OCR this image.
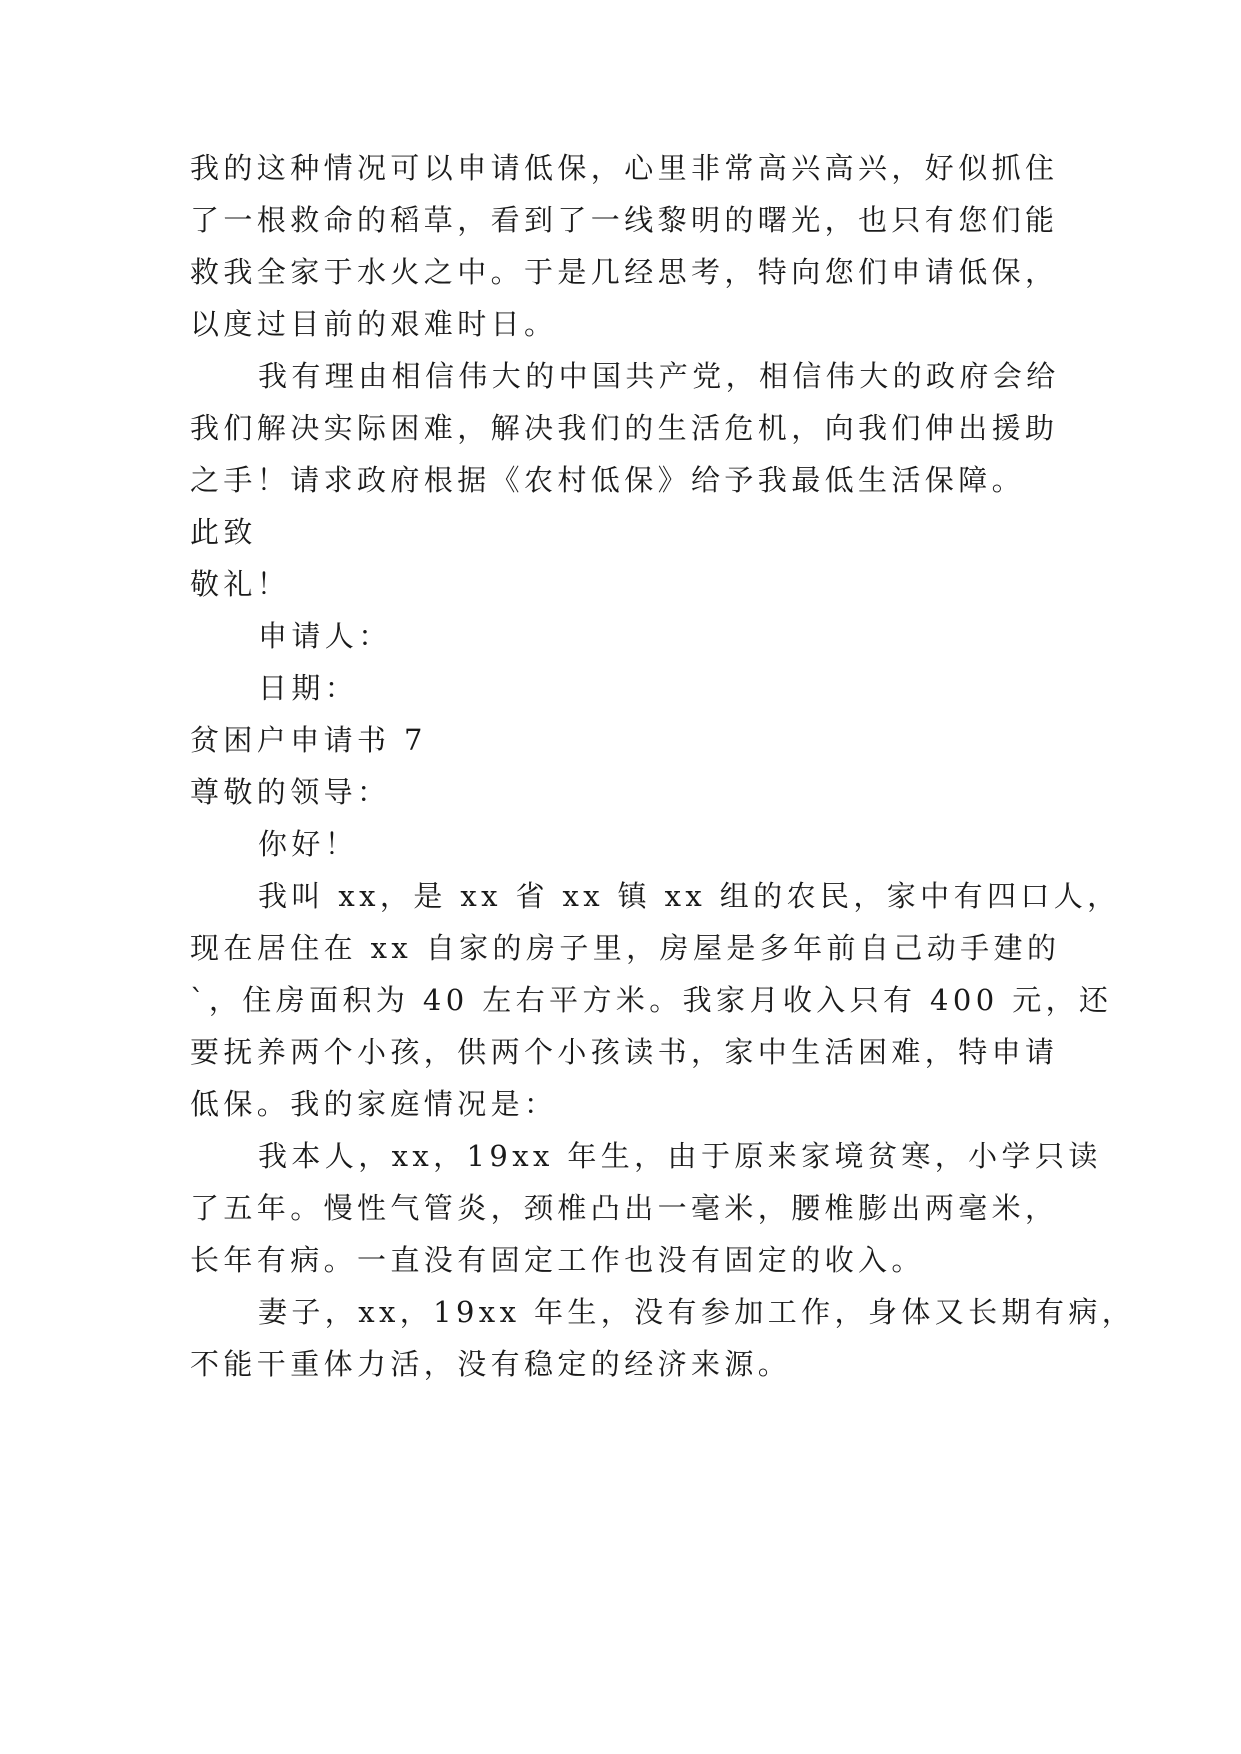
我的这种情况可以申请低保，心里非常高兴高兴，好似抓住
了一根救命的稻草，看到了一线黎明的曙光，也只有您们能
救我全家于水火之中。于是几经思考，特向您们申请低保，
以度过目前的艰难时日。
我有理由相信伟大的中国共产党，相信伟大的政府会给
我们解决实际困难，解决我们的生活危机，向我们伸出援助
之手！请求政府根据《农村低保》给予我最低生活保障。
此致
敬礼！
申请人：
日期：
贫困户申请书 7
尊敬的领导：
你好！
我叫 xx，是 xx 省 xx 镇 xx 组的农民，家中有四口人，
现在居住在 xx 自家的房子里，房屋是多年前自己动手建的
`，住房面积为 40 左右平方米。我家月收入只有 400 元，还
要抚养两个小孩，供两个小孩读书，家中生活困难，特申请
低保。我的家庭情况是：
我本人，xx，19xx 年生，由于原来家境贫寒，小学只读
了五年。慢性气管炎，颈椎凸出一毫米，腰椎膨出两毫米，
长年有病。一直没有固定工作也没有固定的收入。
妻子，xx，19xx 年生，没有参加工作，身体又长期有病，
不能干重体力活，没有稳定的经济来源。
